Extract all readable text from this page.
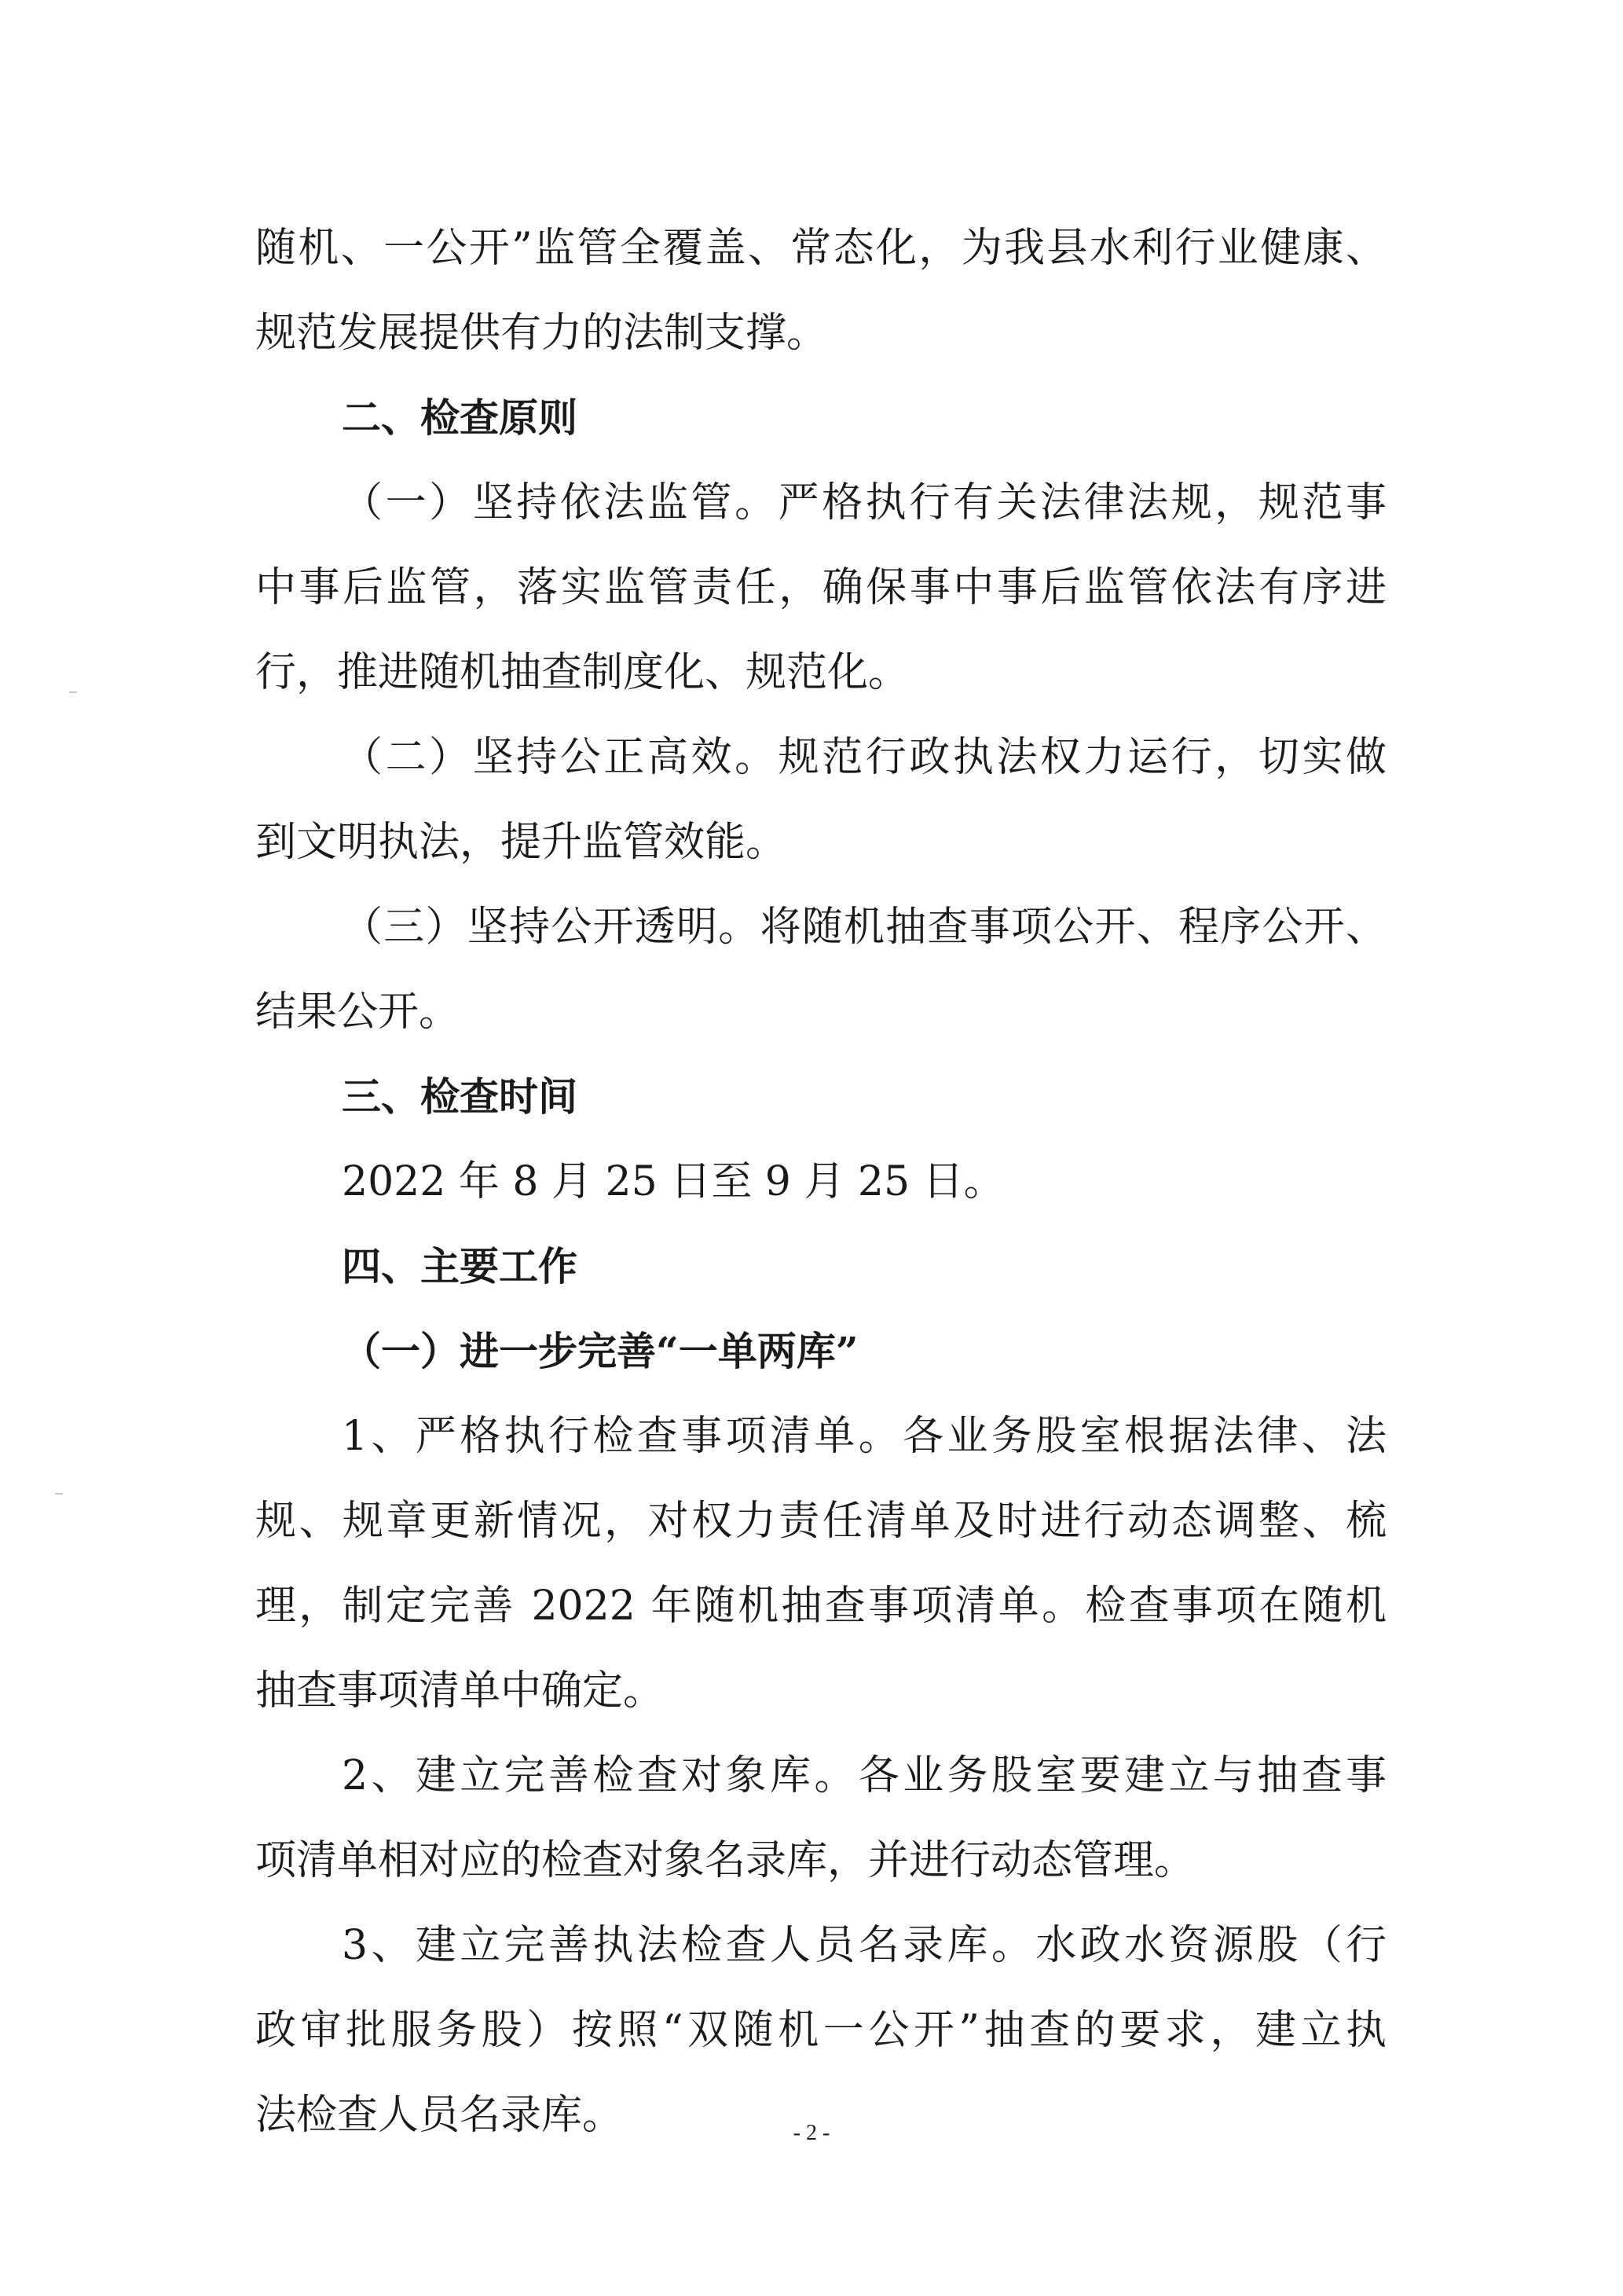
随机、一公开”监管全覆盖、常态化，为我县水利行业健康、
规范发展提供有力的法制支撑。
二、检查原则
（一）坚持依法监管。严格执行有关法律法规，规范事
中事后监管，落实监管责任，确保事中事后监管依法有序进
行，推进随机抽查制度化、规范化。
（二）坚持公正高效。规范行政执法权力运行，切实做
到文明执法，提升监管效能。
（三）坚持公开透明。将随机抽查事项公开、程序公开、
结果公开。
三、检查时间
2022 年 8 月 25 日至 9 月 25 日。
四、主要工作
（一）进一步完善“一单两库”
1、严格执行检查事项清单。各业务股室根据法律、法
规、规章更新情况，对权力责任清单及时进行动态调整、梳
理，制定完善 2022 年随机抽查事项清单。检查事项在随机
抽查事项清单中确定。
2、建立完善检查对象库。各业务股室要建立与抽查事
项清单相对应的检查对象名录库，并进行动态管理。
3、建立完善执法检查人员名录库。水政水资源股（行
政审批服务股）按照“双随机一公开”抽查的要求，建立执
法检查人员名录库。	- 2 -
